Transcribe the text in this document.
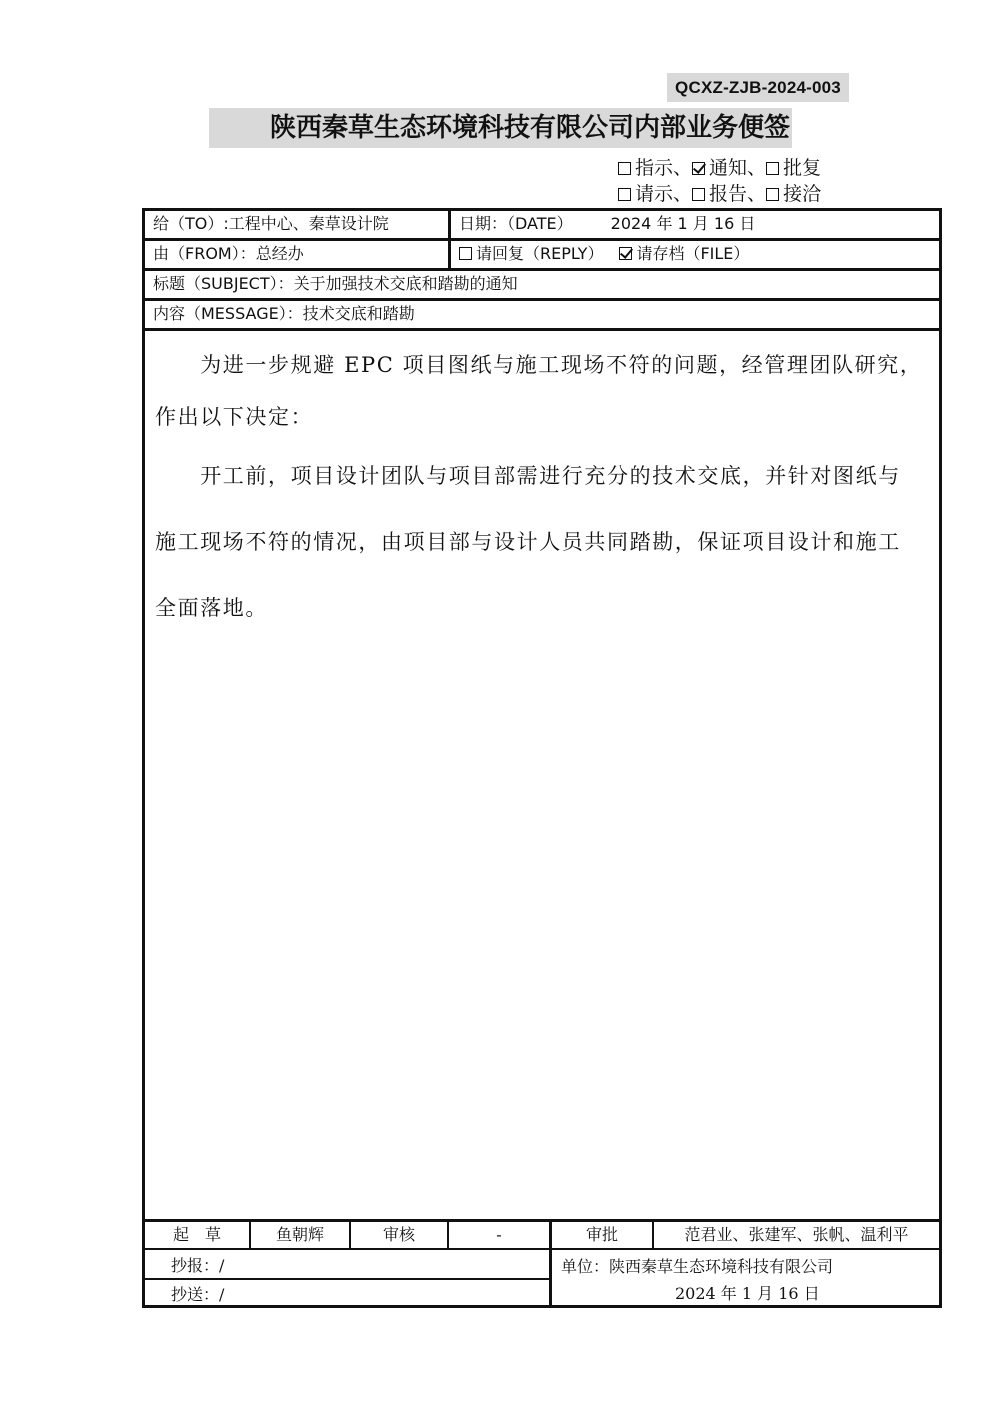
QCXZ-ZJB-2024-003
陕西秦草生态环境科技有限公司内部业务便签
指示、 通知、 批复
请示、 报告、 接洽
给（TO）:工程中心、秦草设计院	日期：（DATE） 2024 年 1 月 16 日
由（FROM）：总经办	请回复（REPLY） 请存档（FILE）
标题（SUBJECT）：关于加强技术交底和踏勘的通知
内容（MESSAGE）：技术交底和踏勘
　　为进一步规避 EPC 项目图纸与施工现场不符的问题，经管理团队研究，
作出以下决定：
　　开工前，项目设计团队与项目部需进行充分的技术交底，并针对图纸与
施工现场不符的情况，由项目部与设计人员共同踏勘，保证项目设计和施工
全面落地。
起　草	鱼朝辉	审核	-	审批	范君业、张建军、张帆、温利平
抄报：/
抄送：/
单位：陕西秦草生态环境科技有限公司
2024 年 1 月 16 日
